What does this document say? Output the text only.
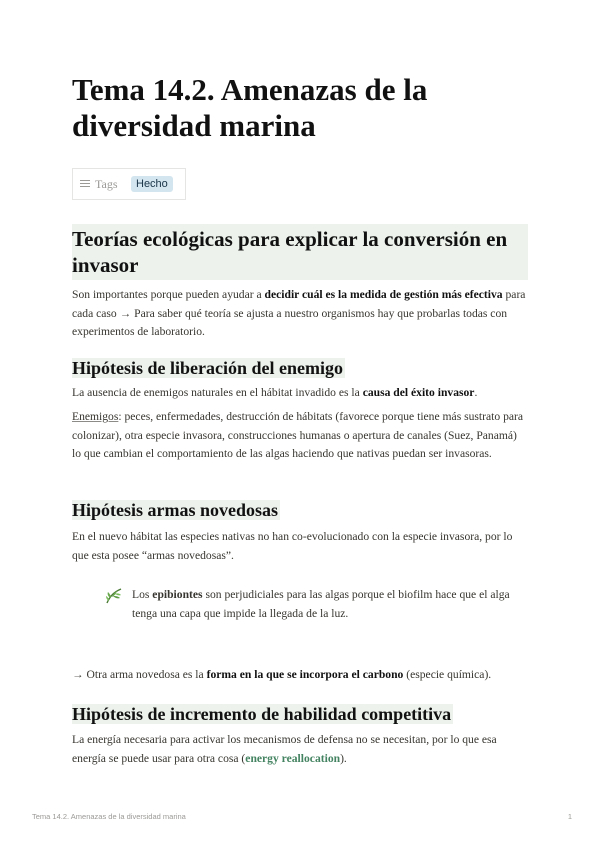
Tema 14.2. Amenazas de la diversidad marina
Tags	Hecho
Teorías ecológicas para explicar la conversión en invasor

Son importantes porque pueden ayudar a decidir cuál es la medida de gestión más efectiva para cada caso → Para saber qué teoría se ajusta a nuestro organismos hay que probarlas todas con experimentos de laboratorio.

Hipótesis de liberación del enemigo

La ausencia de enemigos naturales en el hábitat invadido es la causa del éxito invasor.

Enemigos: peces, enfermedades, destrucción de hábitats (favorece porque tiene más sustrato para colonizar), otra especie invasora, construcciones humanas o apertura de canales (Suez, Panamá) lo que cambian el comportamiento de las algas haciendo que nativas puedan ser invasoras.

Hipótesis armas novedosas

En el nuevo hábitat las especies nativas no han co-evolucionado con la especie invasora, por lo que esta posee “armas novedosas”.

Los epibiontes son perjudiciales para las algas porque el biofilm hace que el alga tenga una capa que impide la llegada de la luz.

→ Otra arma novedosa es la forma en la que se incorpora el carbono (especie química).

Hipótesis de incremento de habilidad competitiva

La energía necesaria para activar los mecanismos de defensa no se necesitan, por lo que esa energía se puede usar para otra cosa (energy reallocation).

Tema 14.2. Amenazas de la diversidad marina	1
